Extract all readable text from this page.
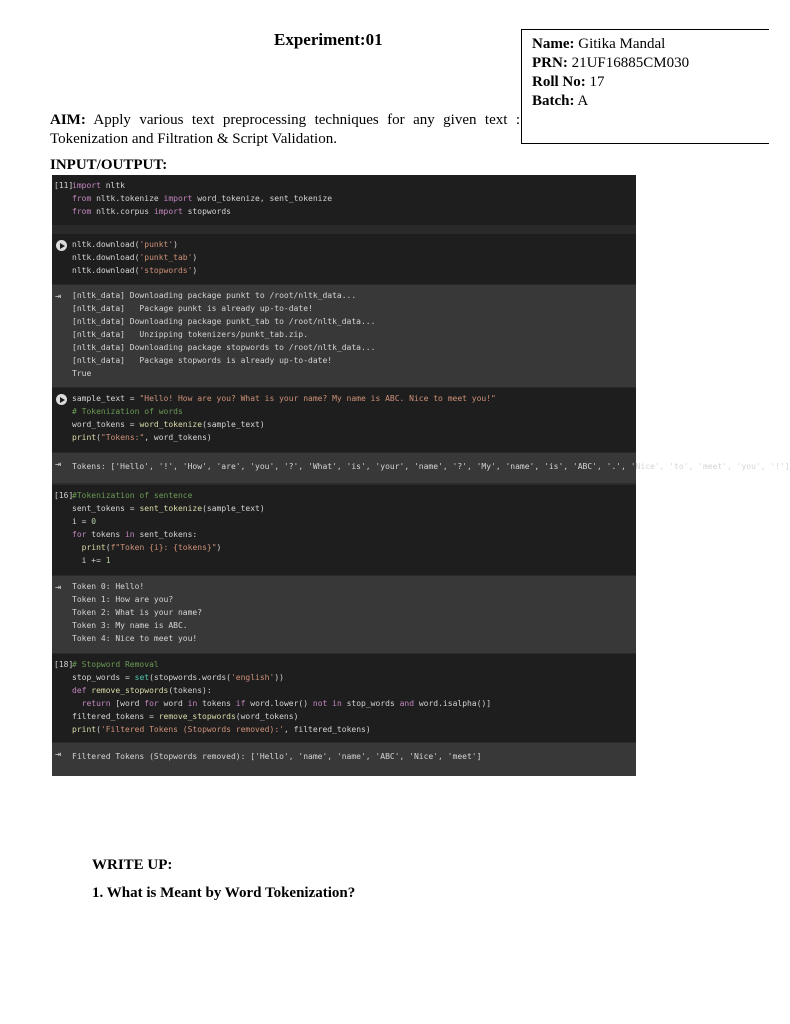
Experiment:01	Name: Gitika Mandal
PRN: 21UF16885CM030
Roll No: 17
Batch: A
AIM: Apply various text preprocessing techniques for any given text :
Tokenization and Filtration & Script Validation.
INPUT/OUTPUT:
[11]
import nltk
from nltk.tokenize import word_tokenize, sent_tokenize
from nltk.corpus import stopwords
nltk.download('punkt')
nltk.download('punkt_tab')
nltk.download('stopwords')
⇥ [nltk_data] Downloading package punkt to /root/nltk_data...
[nltk_data]   Package punkt is already up-to-date!
[nltk_data] Downloading package punkt_tab to /root/nltk_data...
[nltk_data]   Unzipping tokenizers/punkt_tab.zip.
[nltk_data] Downloading package stopwords to /root/nltk_data...
[nltk_data]   Package stopwords is already up-to-date!
True
sample_text = "Hello! How are you? What is your name? My name is ABC. Nice to meet you!"
# Tokenization of words
word_tokens = word_tokenize(sample_text)
print("Tokens:", word_tokens)
⇥ Tokens: ['Hello', '!', 'How', 'are', 'you', '?', 'What', 'is', 'your', 'name', '?', 'My', 'name', 'is', 'ABC', '.', 'Nice', 'to', 'meet', 'you', '!']
[16]
#Tokenization of sentence
sent_tokens = sent_tokenize(sample_text)
i = 0
for tokens in sent_tokens:
print(f"Token {i}: {tokens}")
i += 1
⇥ Token 0: Hello!
Token 1: How are you?
Token 2: What is your name?
Token 3: My name is ABC.
Token 4: Nice to meet you!
[18]
# Stopword Removal
stop_words = set(stopwords.words('english'))
def remove_stopwords(tokens):
return [word for word in tokens if word.lower() not in stop_words and word.isalpha()]
filtered_tokens = remove_stopwords(word_tokens)
print('Filtered Tokens (Stopwords removed):', filtered_tokens)
⇥ Filtered Tokens (Stopwords removed): ['Hello', 'name', 'name', 'ABC', 'Nice', 'meet']
WRITE UP:
1. What is Meant by Word Tokenization?
